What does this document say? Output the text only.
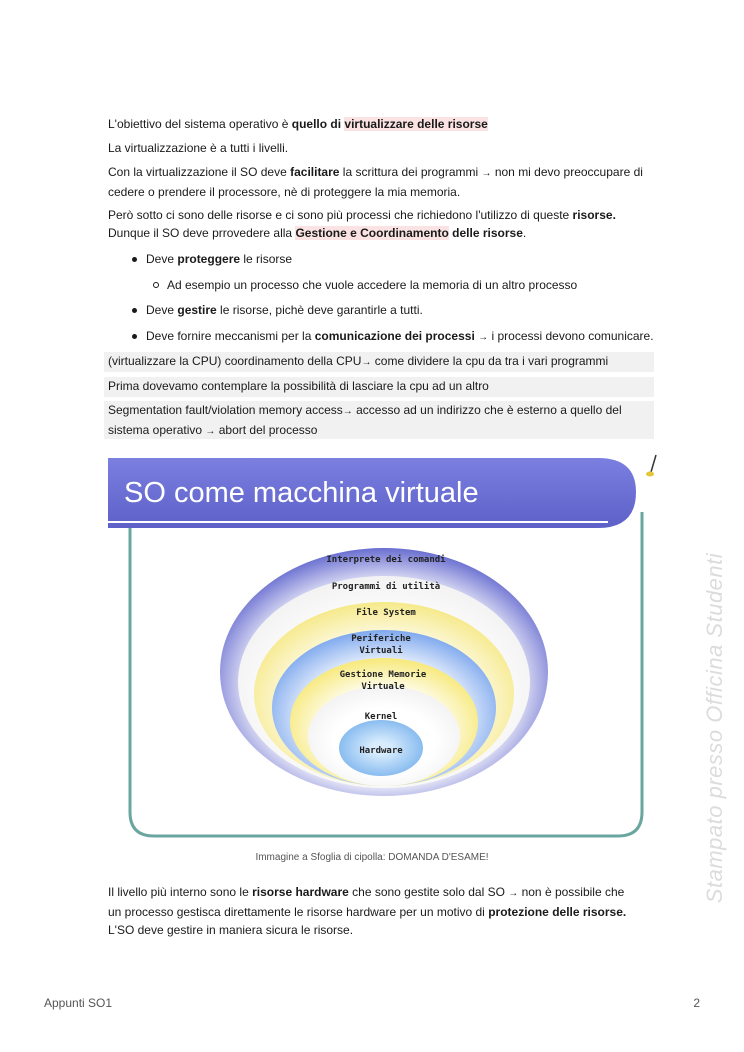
L'obiettivo del sistema operativo è quello di virtualizzare delle risorse

La virtualizzazione è a tutti i livelli.

Con la virtualizzazione il SO deve facilitare la scrittura dei programmi → non mi devo preoccupare di cedere o prendere il processore, nè di proteggere la mia memoria.

Però sotto ci sono delle risorse e ci sono più processi che richiedono l'utilizzo di queste risorse. Dunque il SO deve prrovedere alla Gestione e Coordinamento delle risorse.

Deve proteggere le risorse
Ad esempio un processo che vuole accedere la memoria di un altro processo
Deve gestire le risorse, pichè deve garantirle a tutti.
Deve fornire meccanismi per la comunicazione dei processi → i processi devono comunicare.
(virtualizzare la CPU) coordinamento della CPU→ come dividere la cpu da tra i vari programmi
Prima dovevamo contemplare la possibilità di lasciare la cpu ad un altro
Segmentation fault/violation memory access→ accesso ad un indirizzo che è esterno a quello del sistema operativo → abort del processo
SO come macchina virtuale
Interprete dei comandi
Programmi di utilità
File System
Periferiche Virtuali
Gestione Memorie Virtuale
Kernel
Hardware
Immagine a Sfoglia di cipolla: DOMANDA D'ESAME!

Il livello più interno sono le risorse hardware che sono gestite solo dal SO → non è possibile che un processo gestisca direttamente le risorse hardware per un motivo di protezione delle risorse. L'SO deve gestire in maniera sicura le risorse.

Stampato presso Officina Studenti
Appunti SO1	2
